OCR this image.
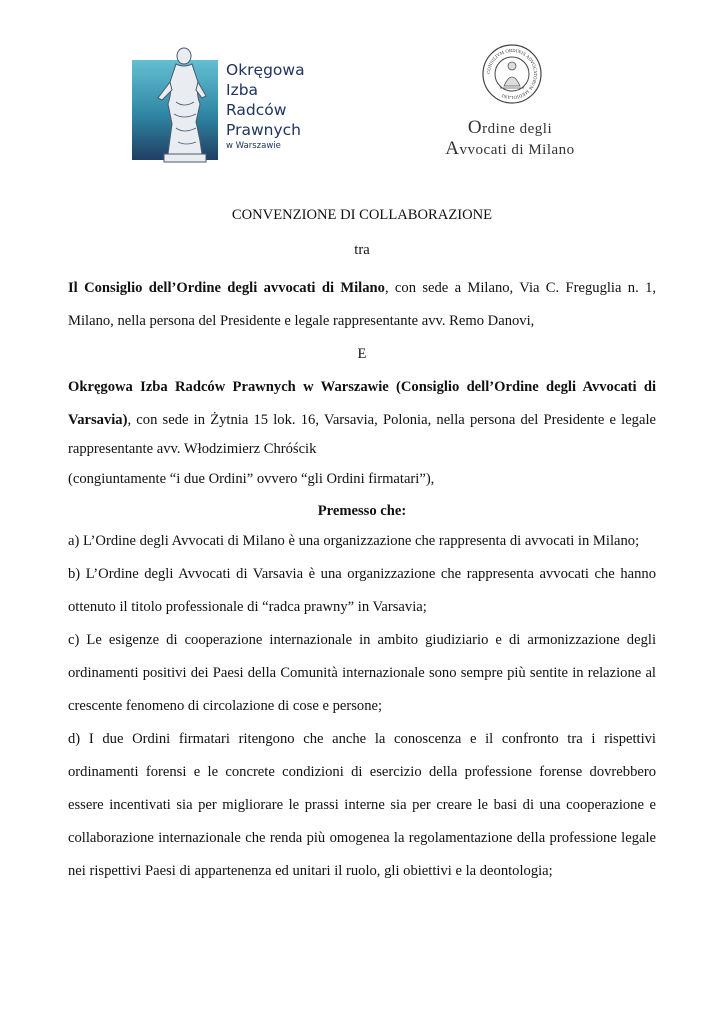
Okręgowa
Izba
Radców
Prawnych
w Warszawie
CONSILIVM ORDINIS ADVOCATORVM MEDIOLANI
Ordine degli
Avvocati di Milano

CONVENZIONE DI COLLABORAZIONE

tra

Il Consiglio dell’Ordine degli avvocati di Milano, con sede a Milano, Via C. Freguglia n. 1,

Milano, nella persona del Presidente e legale rappresentante avv. Remo Danovi,

E

Okręgowa Izba Radców Prawnych w Warszawie (Consiglio dell’Ordine degli Avvocati di

Varsavia), con sede in Żytnia 15 lok. 16, Varsavia, Polonia, nella persona del Presidente e legale

rappresentante avv. Włodzimierz Chróścik

(congiuntamente “i due Ordini” ovvero “gli Ordini firmatari”),

Premesso che:

a) L’Ordine degli Avvocati di Milano è una organizzazione che rappresenta di avvocati in Milano;

b) L’Ordine degli Avvocati di Varsavia è una organizzazione che rappresenta avvocati che hanno

ottenuto il titolo professionale di “radca prawny” in Varsavia;

c) Le esigenze di cooperazione internazionale in ambito giudiziario e di armonizzazione degli

ordinamenti positivi dei Paesi della Comunità internazionale sono sempre più sentite in relazione al

crescente fenomeno di circolazione di cose e persone;

d) I due Ordini firmatari ritengono che anche la conoscenza e il confronto tra i rispettivi

ordinamenti forensi e le concrete condizioni di esercizio della professione forense dovrebbero

essere incentivati sia per migliorare le prassi interne sia per creare le basi di una cooperazione e

collaborazione internazionale che renda più omogenea la regolamentazione della professione legale

nei rispettivi Paesi di appartenenza ed unitari il ruolo, gli obiettivi e la deontologia;
